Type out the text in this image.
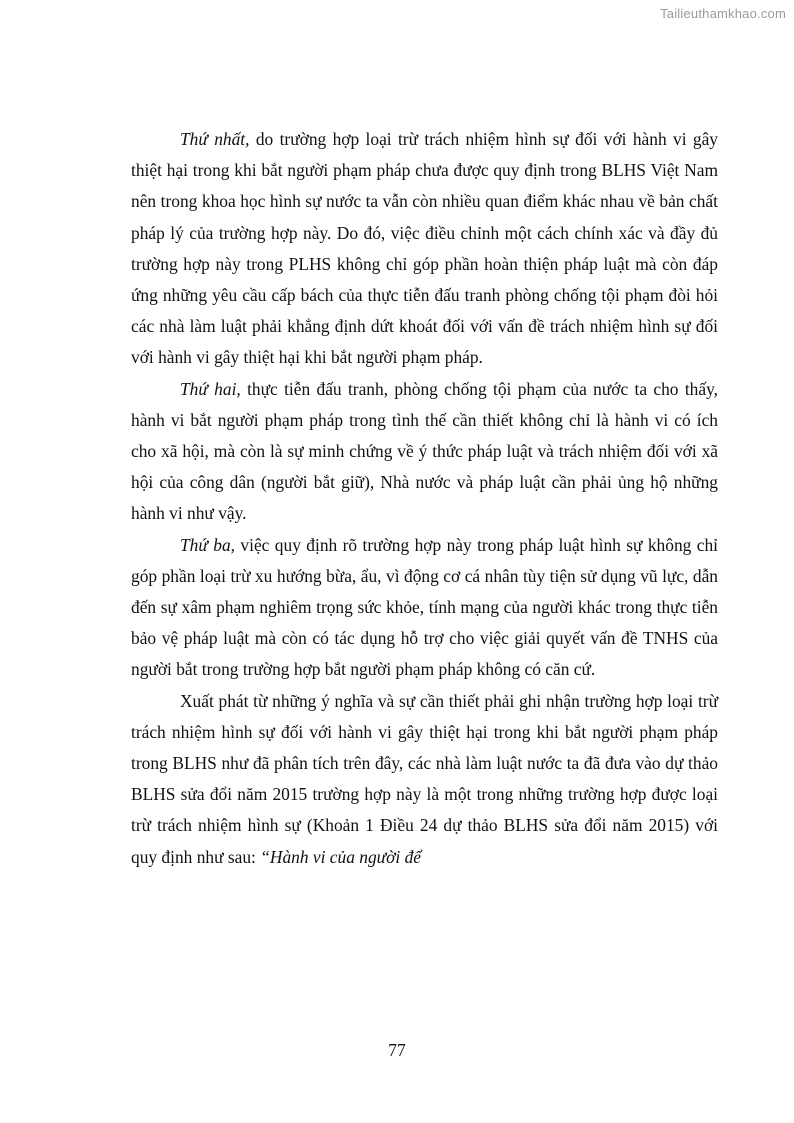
Tailieuthamkhao.com

Thứ nhất, do trường hợp loại trừ trách nhiệm hình sự đối với hành vi gây thiệt hại trong khi bắt người phạm pháp chưa được quy định trong BLHS Việt Nam nên trong khoa học hình sự nước ta vẫn còn nhiều quan điểm khác nhau về bản chất pháp lý của trường hợp này. Do đó, việc điều chỉnh một cách chính xác và đầy đủ trường hợp này trong PLHS không chỉ góp phần hoàn thiện pháp luật mà còn đáp ứng những yêu cầu cấp bách của thực tiễn đấu tranh phòng chống tội phạm đòi hỏi các nhà làm luật phải khẳng định dứt khoát đối với vấn đề trách nhiệm hình sự đối với hành vi gây thiệt hại khi bắt người phạm pháp.

Thứ hai, thực tiễn đấu tranh, phòng chống tội phạm của nước ta cho thấy, hành vi bắt người phạm pháp trong tình thế cần thiết không chỉ là hành vi có ích cho xã hội, mà còn là sự minh chứng về ý thức pháp luật và trách nhiệm đối với xã hội của công dân (người bắt giữ), Nhà nước và pháp luật cần phải ủng hộ những hành vi như vậy.

Thứ ba, việc quy định rõ trường hợp này trong pháp luật hình sự không chỉ góp phần loại trừ xu hướng bừa, ẩu, vì động cơ cá nhân tùy tiện sử dụng vũ lực, dẫn đến sự xâm phạm nghiêm trọng sức khỏe, tính mạng của người khác trong thực tiễn bảo vệ pháp luật mà còn có tác dụng hỗ trợ cho việc giải quyết vấn đề TNHS của người bắt trong trường hợp bắt người phạm pháp không có căn cứ.

Xuất phát từ những ý nghĩa và sự cần thiết phải ghi nhận trường hợp loại trừ trách nhiệm hình sự đối với hành vi gây thiệt hại trong khi bắt người phạm pháp trong BLHS như đã phân tích trên đây, các nhà làm luật nước ta đã đưa vào dự thảo BLHS sửa đổi năm 2015 trường hợp này là một trong những trường hợp được loại trừ trách nhiệm hình sự (Khoản 1 Điều 24 dự thảo BLHS sửa đổi năm 2015) với quy định như sau: “Hành vi của người để

77
